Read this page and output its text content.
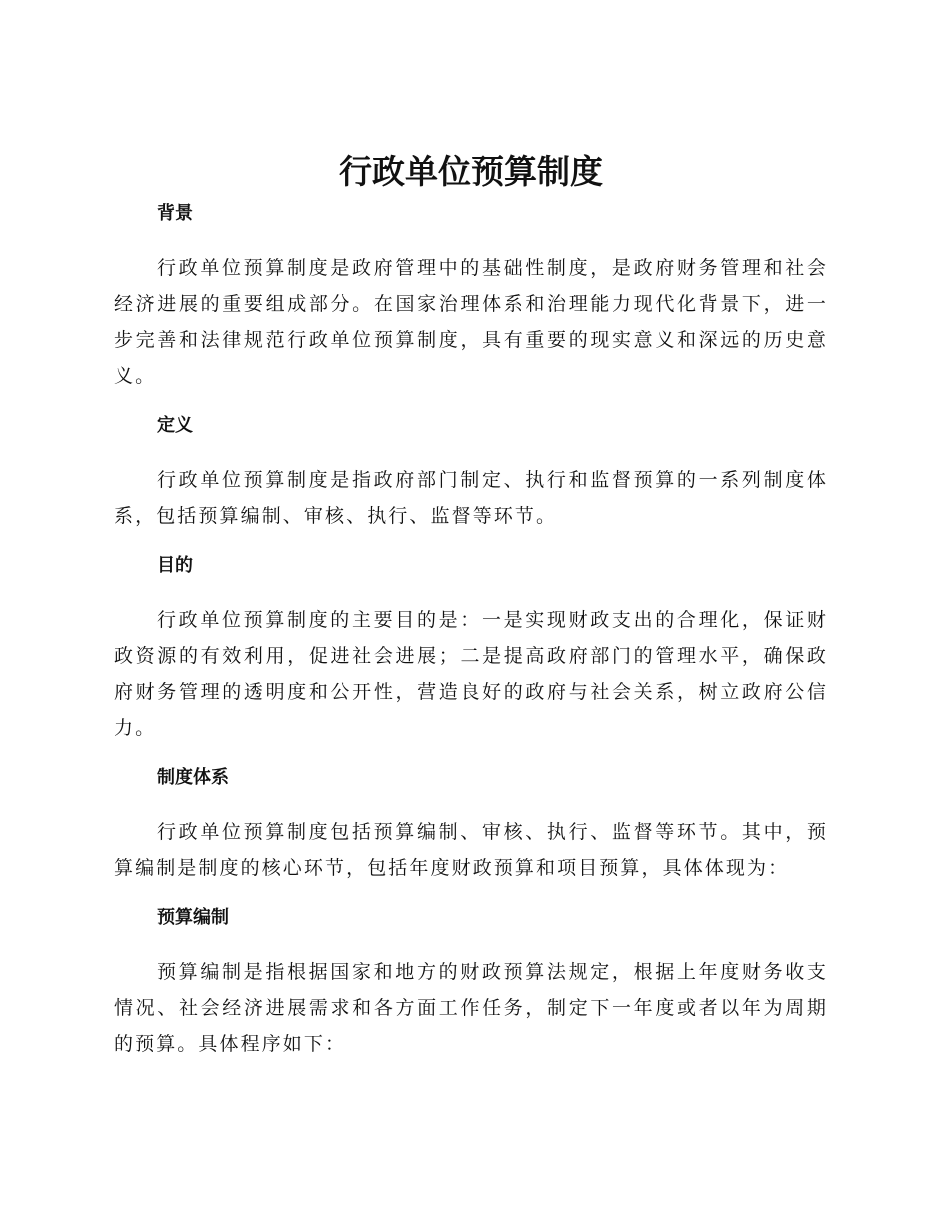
行政单位预算制度
背景

行政单位预算制度是政府管理中的基础性制度，是政府财务管理和社会经济进展的重要组成部分。在国家治理体系和治理能力现代化背景下，进一步完善和法律规范行政单位预算制度，具有重要的现实意义和深远的历史意义。

定义

行政单位预算制度是指政府部门制定、执行和监督预算的一系列制度体系，包括预算编制、审核、执行、监督等环节。

目的

行政单位预算制度的主要目的是：一是实现财政支出的合理化，保证财政资源的有效利用，促进社会进展；二是提高政府部门的管理水平，确保政府财务管理的透明度和公开性，营造良好的政府与社会关系，树立政府公信力。

制度体系

行政单位预算制度包括预算编制、审核、执行、监督等环节。其中，预算编制是制度的核心环节，包括年度财政预算和项目预算，具体体现为：

预算编制

预算编制是指根据国家和地方的财政预算法规定，根据上年度财务收支情况、社会经济进展需求和各方面工作任务，制定下一年度或者以年为周期的预算。具体程序如下：
